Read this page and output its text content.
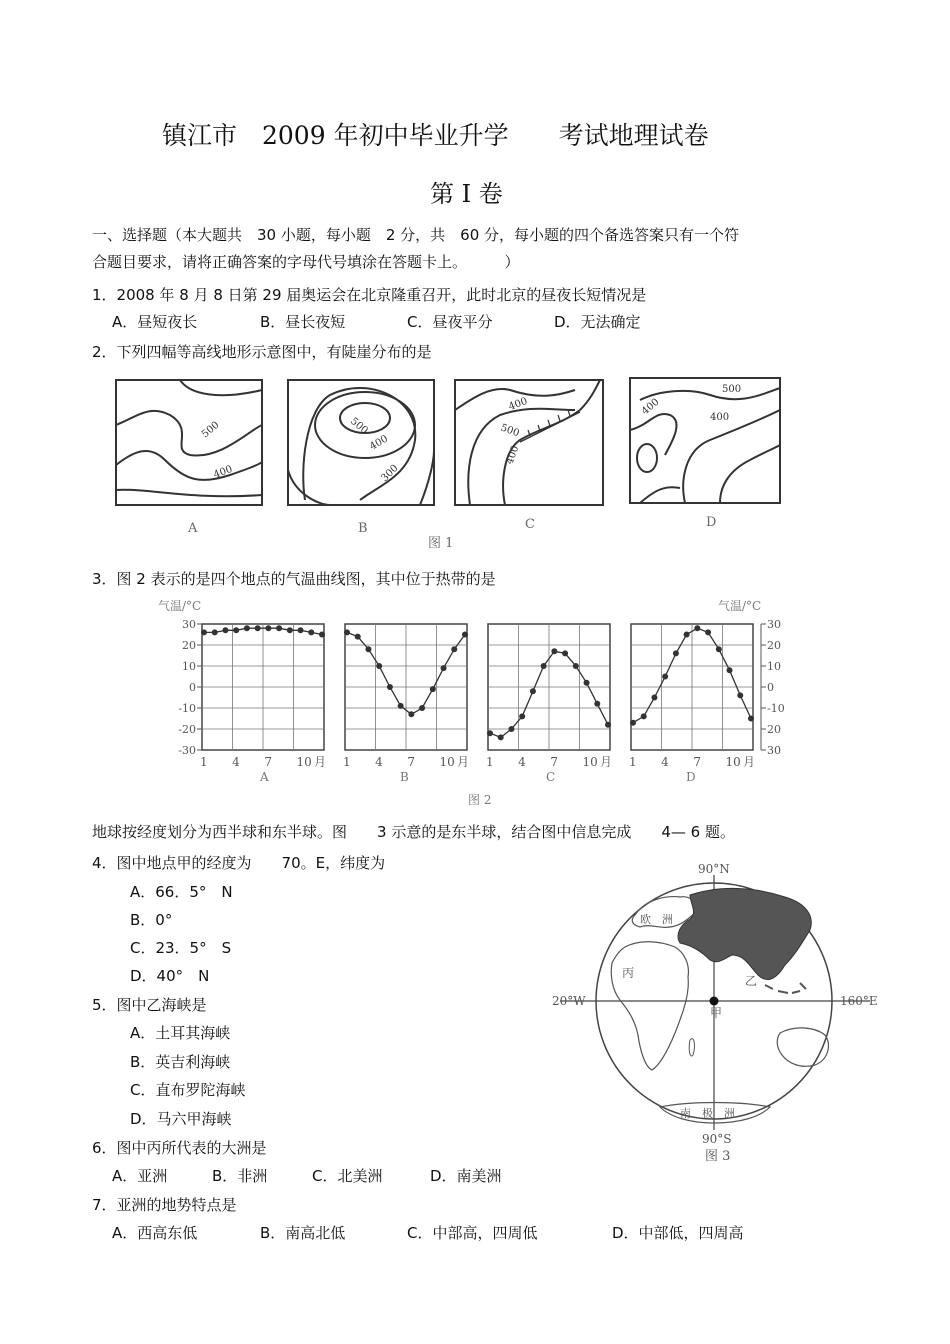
镇江市　2009 年初中毕业升学　　考试地理试卷
第 I 卷
一、选择题（本大题共　30 小题，每小题　2 分，共　60 分，每小题的四个备选答案只有一个符
合题目要求，请将正确答案的字母代号填涂在答题卡上。　　　）
1．2008 年 8 月 8 日第 29 届奥运会在北京隆重召开，此时北京的昼夜长短情况是
A．昼短夜长	B．昼长夜短	C．昼夜平分	D．无法确定
2．下列四幅等高线地形示意图中，有陡崖分布的是
500
400
500
400
300
400
500
400
500
400
400
A	B	C	D
图 1
3．图 2 表示的是四个地点的气温曲线图，其中位于热带的是
1 4 7 10 月 1 4 7 10 月 1 4 7 10 月 1 4 7 10 月
30
20
10
0
-10
-20
-30
30
20
10
0
-10
20
30
气温/°C	气温/°C
A	B	C	D
图 2
地球按经度划分为西半球和东半球。图　　3 示意的是东半球，结合图中信息完成　　4— 6 题。
4．图中地点甲的经度为　　70。E，纬度为
A．66．5°　N
B．0°
C．23．5°　S
D．40°　N
5．图中乙海峡是
A．土耳其海峡
B．英吉利海峡
C．直布罗陀海峡
D．马六甲海峡
6．图中丙所代表的大洲是
A．亚洲	B．非洲	C．北美洲	D．南美洲
7．亚洲的地势特点是
A．西高东低	B．南高北低	C．中部高，四周低	D．中部低，四周高
90°N
90°S
20°W	160°E
丙
乙
甲
欧　洲
南　极　洲
图 3
